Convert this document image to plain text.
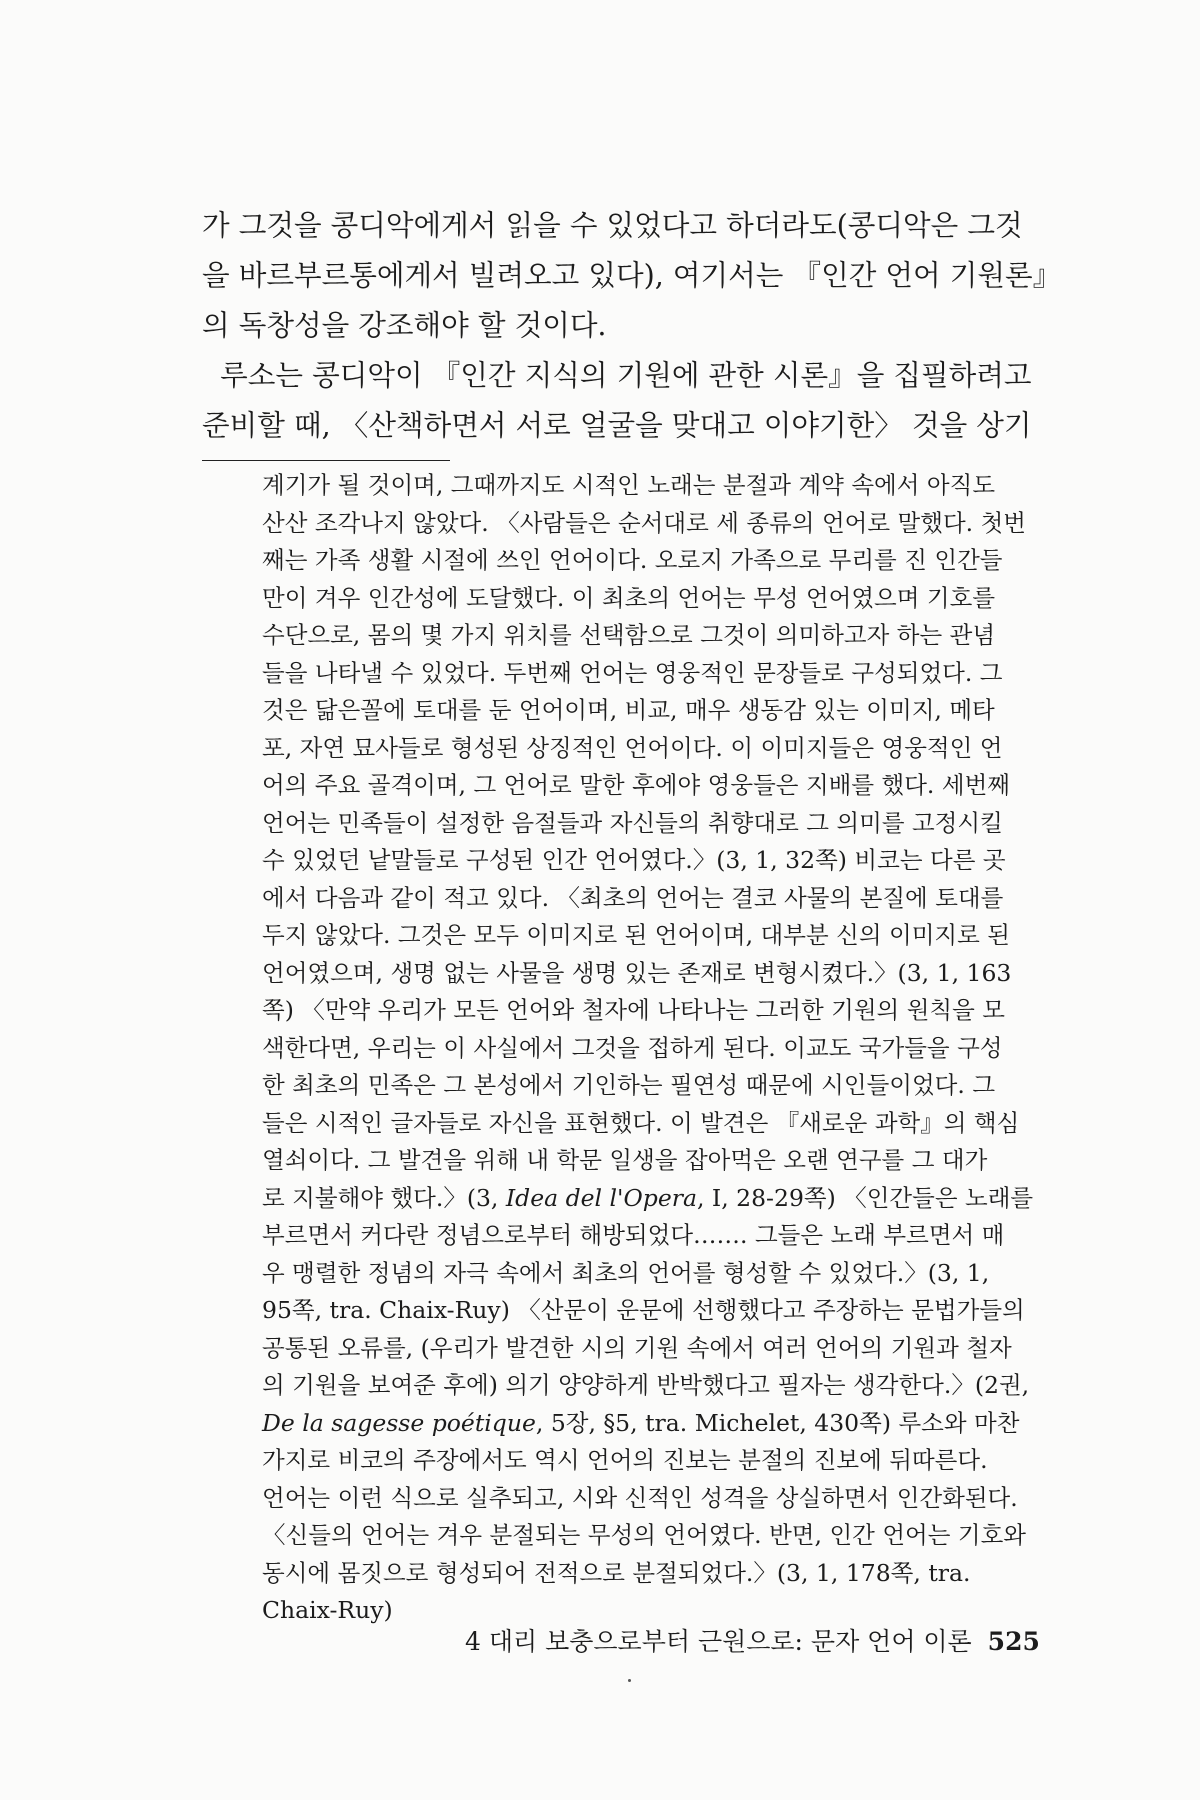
가 그것을 콩디악에게서 읽을 수 있었다고 하더라도(콩디악은 그것
을 바르부르통에게서 빌려오고 있다), 여기서는 『인간 언어 기원론』
의 독창성을 강조해야 할 것이다.
루소는 콩디악이 『인간 지식의 기원에 관한 시론』을 집필하려고
준비할 때, 〈산책하면서 서로 얼굴을 맞대고 이야기한〉 것을 상기
계기가 될 것이며, 그때까지도 시적인 노래는 분절과 계약 속에서 아직도
산산 조각나지 않았다. 〈사람들은 순서대로 세 종류의 언어로 말했다. 첫번
째는 가족 생활 시절에 쓰인 언어이다. 오로지 가족으로 무리를 진 인간들
만이 겨우 인간성에 도달했다. 이 최초의 언어는 무성 언어였으며 기호를
수단으로, 몸의 몇 가지 위치를 선택함으로 그것이 의미하고자 하는 관념
들을 나타낼 수 있었다. 두번째 언어는 영웅적인 문장들로 구성되었다. 그
것은 닮은꼴에 토대를 둔 언어이며, 비교, 매우 생동감 있는 이미지, 메타
포, 자연 묘사들로 형성된 상징적인 언어이다. 이 이미지들은 영웅적인 언
어의 주요 골격이며, 그 언어로 말한 후에야 영웅들은 지배를 했다. 세번째
언어는 민족들이 설정한 음절들과 자신들의 취향대로 그 의미를 고정시킬
수 있었던 낱말들로 구성된 인간 언어였다.〉(3, 1, 32쪽) 비코는 다른 곳
에서 다음과 같이 적고 있다. 〈최초의 언어는 결코 사물의 본질에 토대를
두지 않았다. 그것은 모두 이미지로 된 언어이며, 대부분 신의 이미지로 된
언어였으며, 생명 없는 사물을 생명 있는 존재로 변형시켰다.〉(3, 1, 163
쪽) 〈만약 우리가 모든 언어와 철자에 나타나는 그러한 기원의 원칙을 모
색한다면, 우리는 이 사실에서 그것을 접하게 된다. 이교도 국가들을 구성
한 최초의 민족은 그 본성에서 기인하는 필연성 때문에 시인들이었다. 그
들은 시적인 글자들로 자신을 표현했다. 이 발견은 『새로운 과학』의 핵심
열쇠이다. 그 발견을 위해 내 학문 일생을 잡아먹은 오랜 연구를 그 대가
로 지불해야 했다.〉(3, Idea del l'Opera, I, 28-29쪽) 〈인간들은 노래를
부르면서 커다란 정념으로부터 해방되었다……. 그들은 노래 부르면서 매
우 맹렬한 정념의 자극 속에서 최초의 언어를 형성할 수 있었다.〉(3, 1,
95쪽, tra. Chaix-Ruy) 〈산문이 운문에 선행했다고 주장하는 문법가들의
공통된 오류를, (우리가 발견한 시의 기원 속에서 여러 언어의 기원과 철자
의 기원을 보여준 후에) 의기 양양하게 반박했다고 필자는 생각한다.〉(2권,
De la sagesse poétique, 5장, §5, tra. Michelet, 430쪽) 루소와 마찬
가지로 비코의 주장에서도 역시 언어의 진보는 분절의 진보에 뒤따른다.
언어는 이런 식으로 실추되고, 시와 신적인 성격을 상실하면서 인간화된다.
〈신들의 언어는 겨우 분절되는 무성의 언어였다. 반면, 인간 언어는 기호와
동시에 몸짓으로 형성되어 전적으로 분절되었다.〉(3, 1, 178쪽, tra.
Chaix-Ruy)
4 대리 보충으로부터 근원으로: 문자 언어 이론 525
